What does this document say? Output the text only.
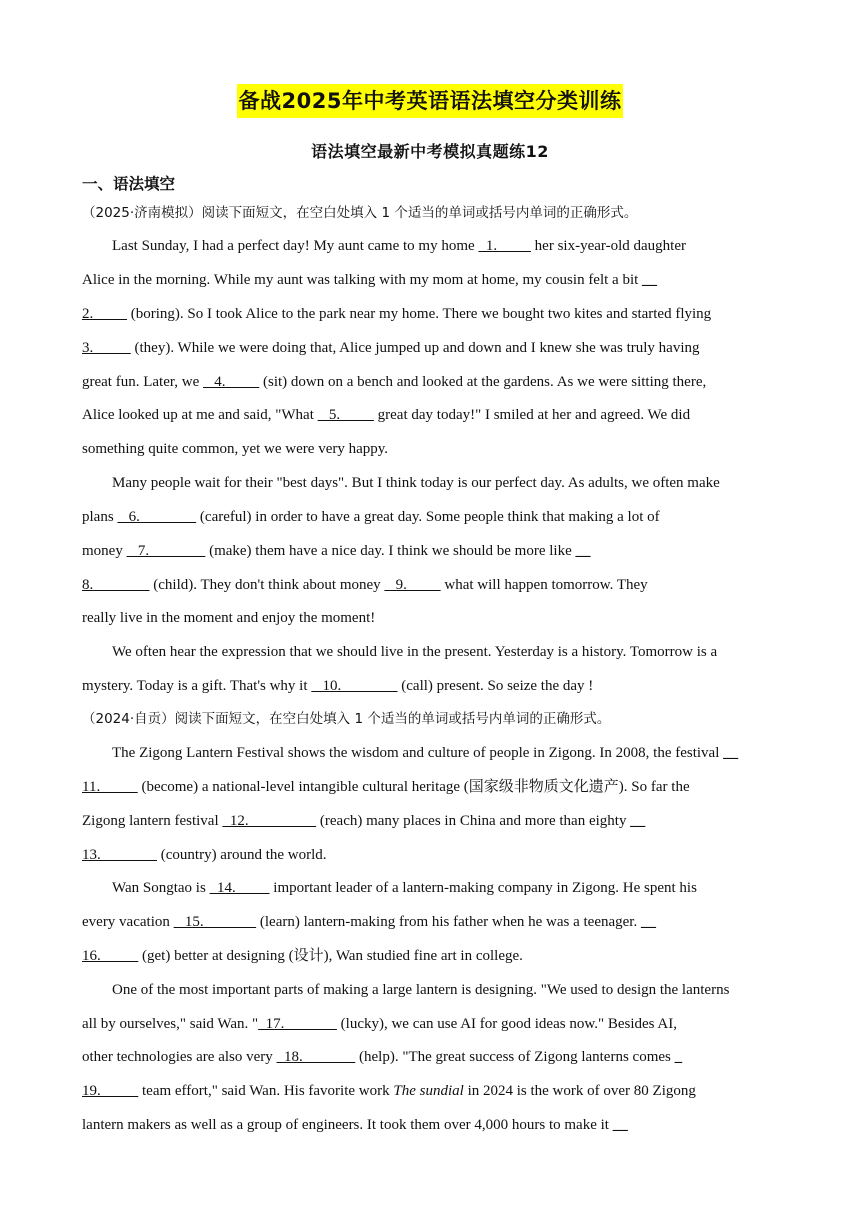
备战2025年中考英语语法填空分类训练
语法填空最新中考模拟真题练12
一、语法填空
（2025·济南模拟）阅读下面短文，在空白处填入 1 个适当的单词或括号内单词的正确形式。
Last Sunday, I had a perfect day! My aunt came to my home   1.          her six-year-old daughter
Alice in the morning. While my aunt was talking with my mom at home, my cousin felt a bit __
2.          (boring). So I took Alice to the park near my home. There we bought two kites and started flying
3.           (they). While we were doing that, Alice jumped up and down and I knew she was truly having
great fun. Later, we    4.          (sit) down on a bench and looked at the gardens. As we were sitting there,
Alice looked up at me and said, "What    5.          great day today!" I smiled at her and agreed. We did
something quite common, yet we were very happy.
Many people wait for their "best days". But I think today is our perfect day. As adults, we often make
plans    6.                (careful) in order to have a great day. Some people think that making a lot of
money    7.                (make) them have a nice day. I think we should be more like __
8.                (child). They don't think about money    9.          what will happen tomorrow. They
really live in the moment and enjoy the moment!
We often hear the expression that we should live in the present. Yesterday is a history. Tomorrow is a
mystery. Today is a gift. That's why it    10.                (call) present. So seize the day !
（2024·自贡）阅读下面短文，在空白处填入 1 个适当的单词或括号内单词的正确形式。
The Zigong Lantern Festival shows the wisdom and culture of people in Zigong. In 2008, the festival __
11.           (become) a national-level intangible cultural heritage (国家级非物质文化遗产). So far the
Zigong lantern festival   12.                   (reach) many places in China and more than eighty __
13.                (country) around the world.
Wan Songtao is   14.          important leader of a lantern-making company in Zigong. He spent his
every vacation    15.               (learn) lantern-making from his father when he was a teenager. __
16.           (get) better at designing (设计), Wan studied fine art in college.
One of the most important parts of making a large lantern is designing. "We used to design the lanterns
all by ourselves," said Wan. "  17.               (lucky), we can use AI for good ideas now." Besides AI,
other technologies are also very   18.               (help). "The great success of Zigong lanterns comes _
19.           team effort," said Wan. His favorite work The sundial in 2024 is the work of over 80 Zigong
lantern makers as well as a group of engineers. It took them over 4,000 hours to make it __
